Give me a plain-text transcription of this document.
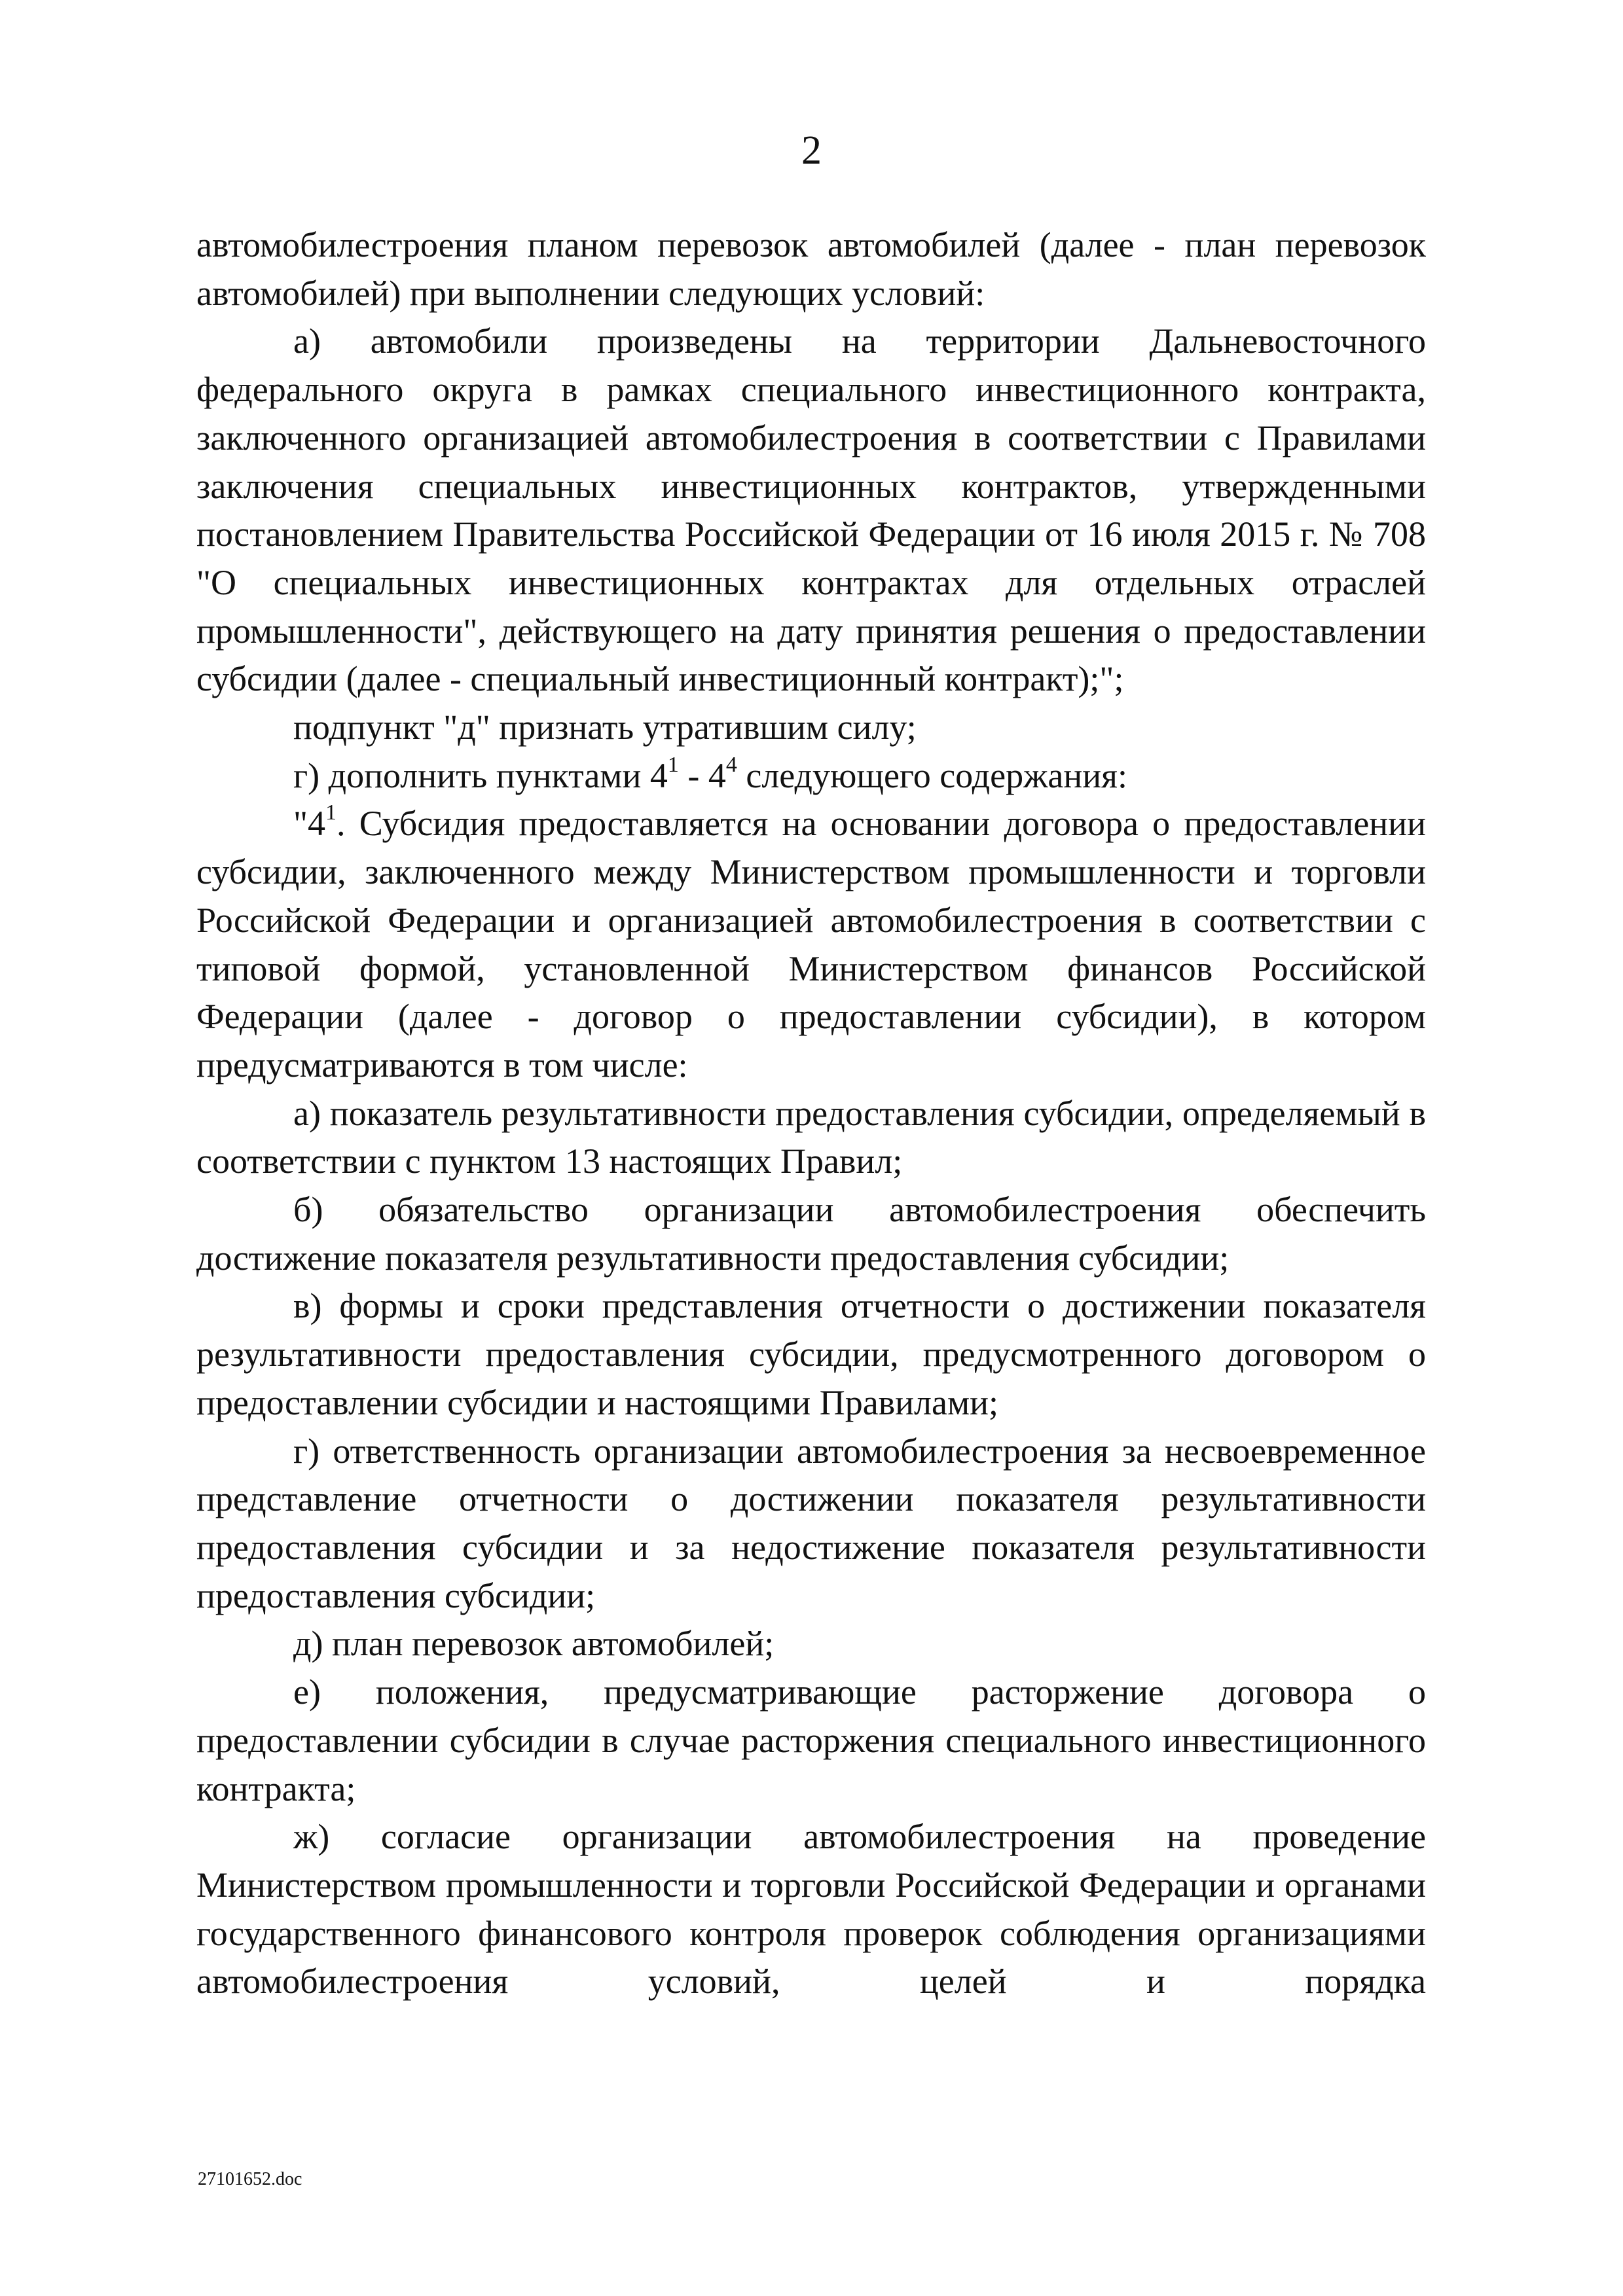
2

автомобилестроения планом перевозок автомобилей (далее - план перевозок автомобилей) при выполнении следующих условий:

а) автомобили произведены на территории Дальневосточного федерального округа в рамках специального инвестиционного контракта, заключенного организацией автомобилестроения в соответствии с Правилами заключения специальных инвестиционных контрактов, утвержденными постановлением Правительства Российской Федерации от 16 июля 2015 г. № 708 "О специальных инвестиционных контрактах для отдельных отраслей промышленности", действующего на дату принятия решения о предоставлении субсидии (далее - специальный инвестиционный контракт);";

подпункт "д" признать утратившим силу;

г) дополнить пунктами $4^1 - 4^4$ следующего содержания:

"$4^1$. Субсидия предоставляется на основании договора о предоставлении субсидии, заключенного между Министерством промышленности и торговли Российской Федерации и организацией автомобилестроения в соответствии с типовой формой, установленной Министерством финансов Российской Федерации (далее - договор о предоставлении субсидии), в котором предусматриваются в том числе:

а) показатель результативности предоставления субсидии, определяемый в соответствии с пунктом 13 настоящих Правил;

б) обязательство организации автомобилестроения обеспечить достижение показателя результативности предоставления субсидии;

в) формы и сроки представления отчетности о достижении показателя результативности предоставления субсидии, предусмотренного договором о предоставлении субсидии и настоящими Правилами;

г) ответственность организации автомобилестроения за несвоевременное представление отчетности о достижении показателя результативности предоставления субсидии и за недостижение показателя результативности предоставления субсидии;

д) план перевозок автомобилей;

е) положения, предусматривающие расторжение договора о предоставлении субсидии в случае расторжения специального инвестиционного контракта;

ж) согласие организации автомобилестроения на проведение Министерством промышленности и торговли Российской Федерации и органами государственного финансового контроля проверок соблюдения организациями автомобилестроения условий, целей и порядка

27101652.doc
